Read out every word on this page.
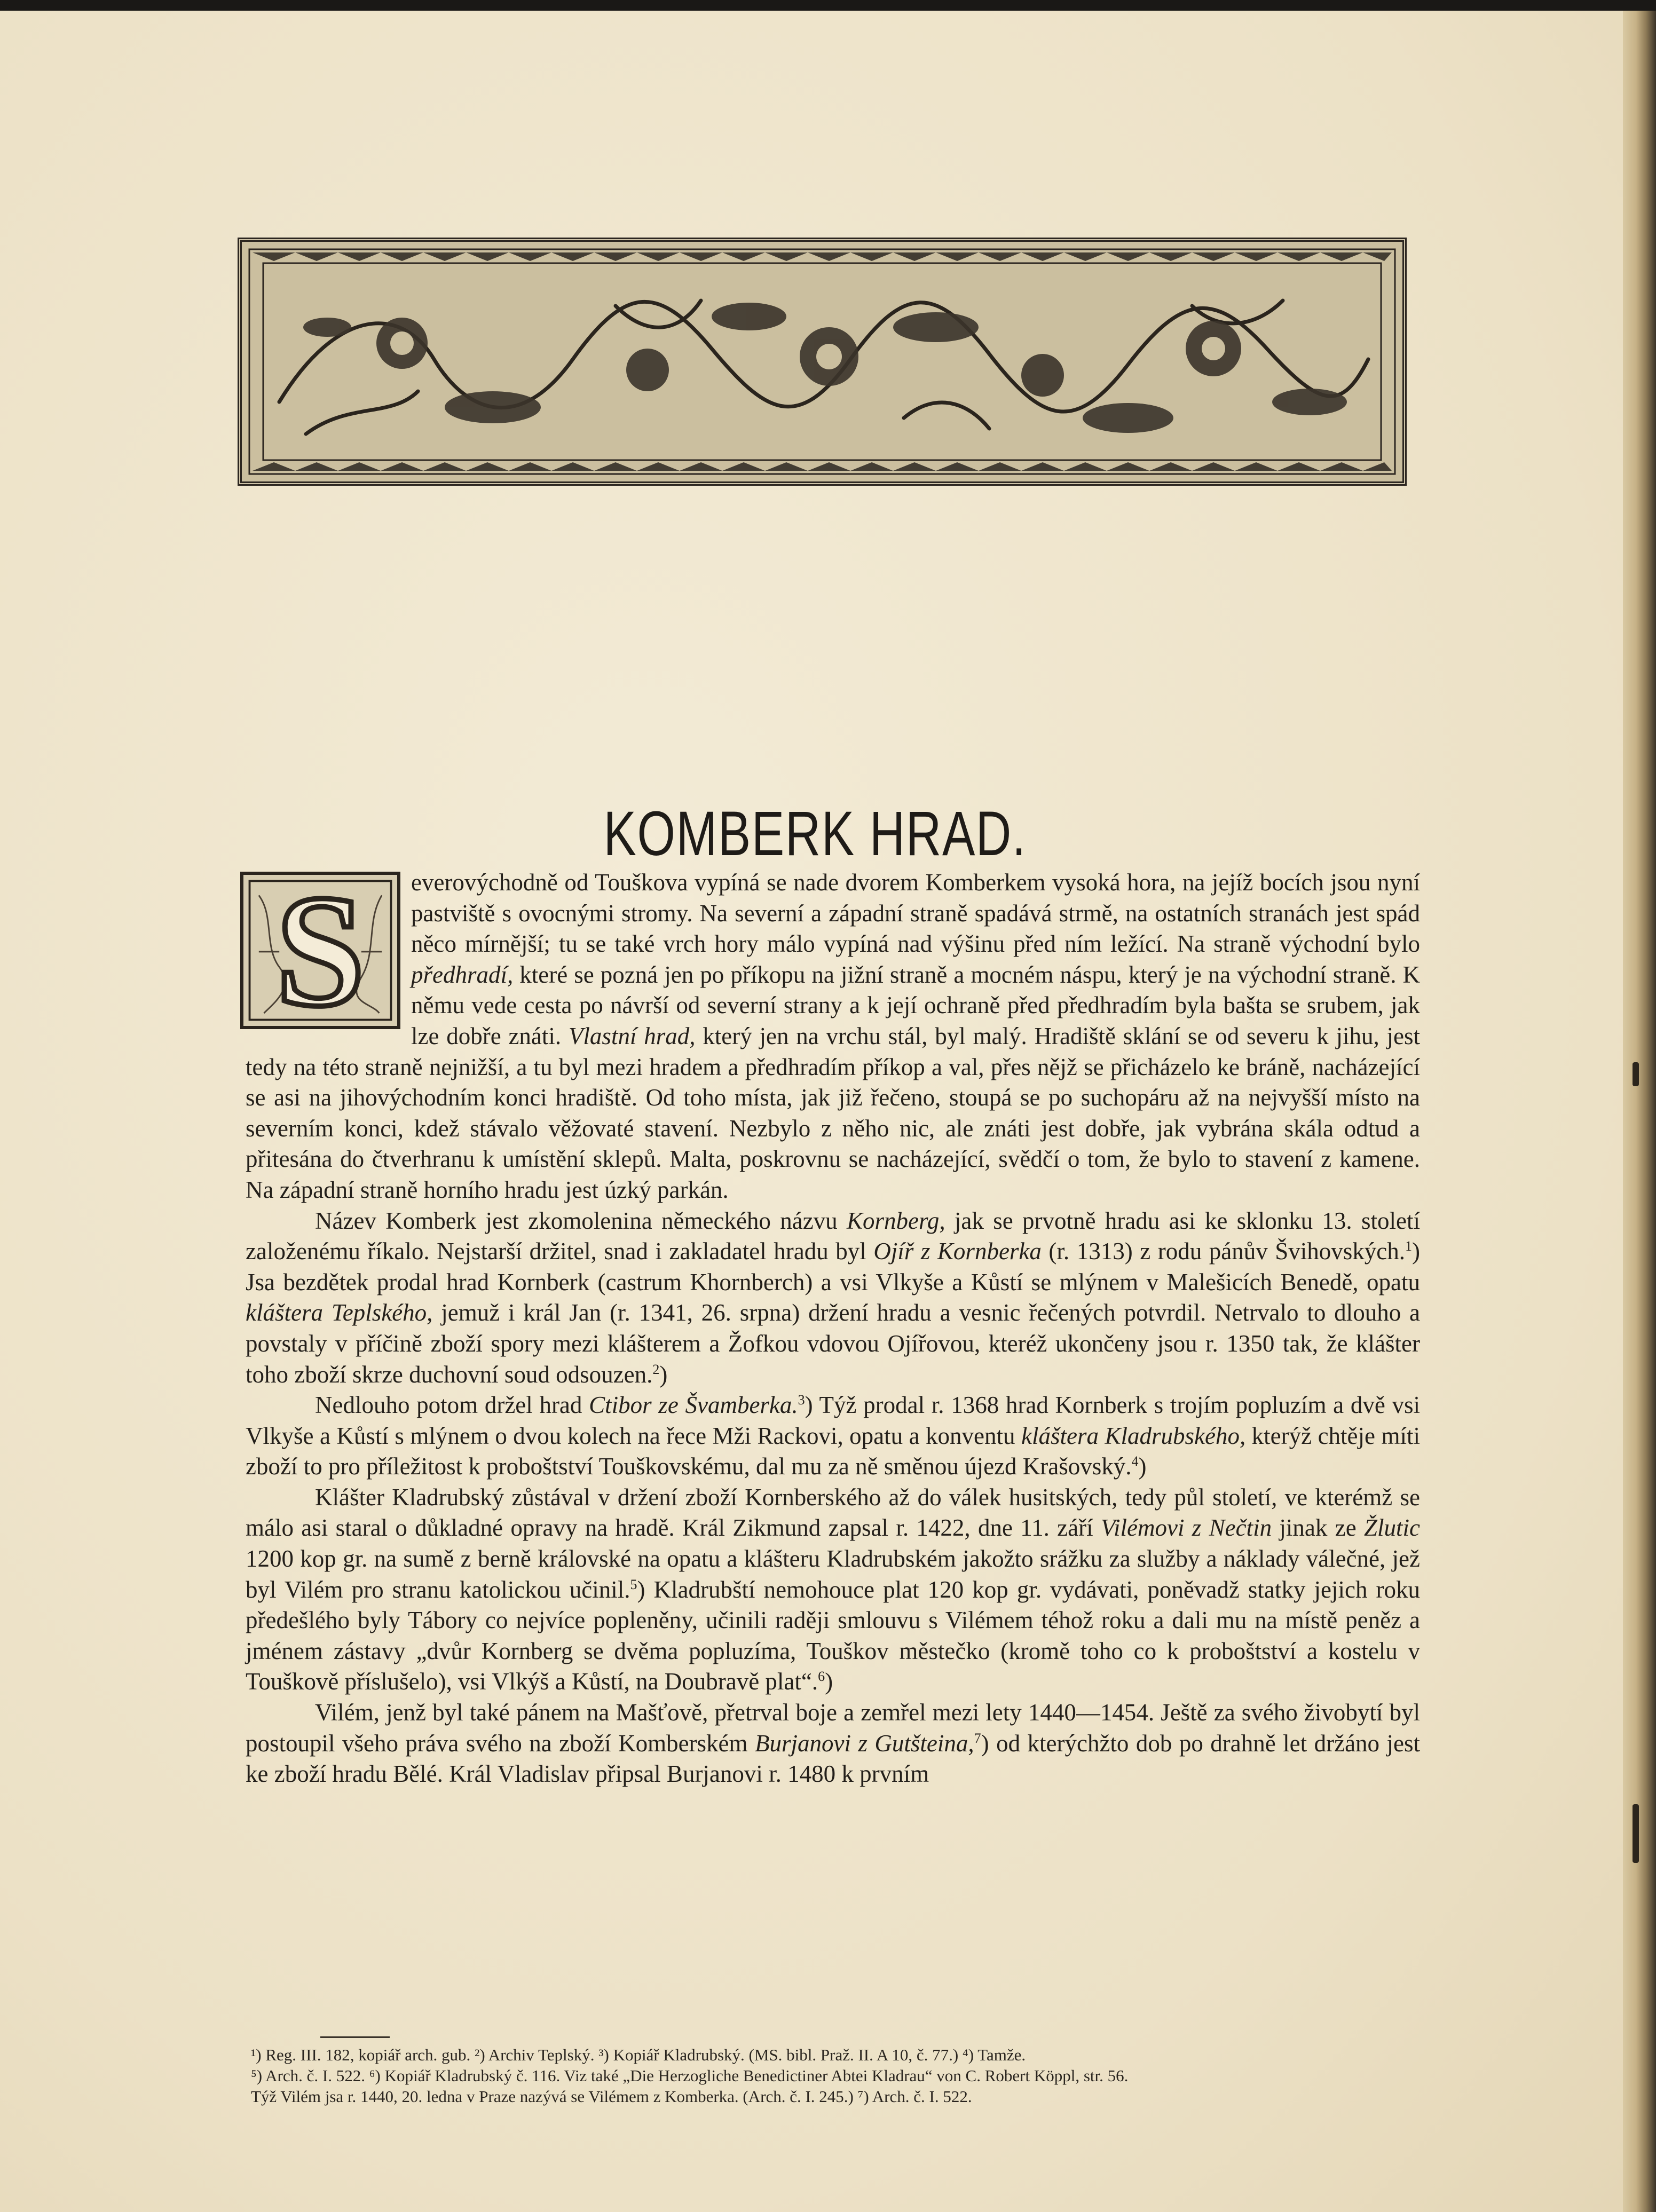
KOMBERK HRAD.
S	everovýchodně od Touškova vypíná se nade dvorem Komberkem vysoká hora, na jejíž bocích jsou nyní pastviště s ovocnými stromy. Na severní a západní straně spadává strmě, na ostatních stranách jest spád něco mírnější; tu se také vrch hory málo vypíná nad výšinu před ním ležící. Na straně východní bylo předhradí, které se pozná jen po příkopu na jižní straně a mocném náspu, který je na východní straně. K němu vede cesta po návrší od severní strany a k její ochraně před předhradím byla bašta se srubem, jak lze dobře znáti. Vlastní hrad, který jen na vrchu stál, byl malý. Hradiště sklání se od severu k jihu, jest tedy na této straně nejnižší, a tu byl mezi hradem a předhradím příkop a val, přes nějž se přicházelo ke bráně, nacházející se asi na jihovýchodním konci hradiště. Od toho místa, jak již řečeno, stoupá se po suchopáru až na nejvyšší místo na severním konci, kdež stávalo věžovaté stavení. Nezbylo z něho nic, ale znáti jest dobře, jak vybrána skála odtud a přitesána do čtverhranu k umístění sklepů. Malta, poskrovnu se nacházející, svědčí o tom, že bylo to stavení z kamene. Na západní straně horního hradu jest úzký parkán.

Název Komberk jest zkomolenina německého názvu Kornberg, jak se prvotně hradu asi ke sklonku 13. století založenému říkalo. Nejstarší držitel, snad i zakladatel hradu byl Ojíř z Kornberka (r. 1313) z rodu pánův Švihovských.$^1$) Jsa bezdětek prodal hrad Kornberk (castrum Khornberch) a vsi Vlkyše a Kůstí se mlýnem v Malešicích Benedě, opatu kláštera Teplského, jemuž i král Jan (r. 1341, 26. srpna) držení hradu a vesnic řečených potvrdil. Netrvalo to dlouho a povstaly v příčině zboží spory mezi klášterem a Žofkou vdovou Ojířovou, kteréž ukončeny jsou r. 1350 tak, že klášter toho zboží skrze duchovní soud odsouzen.$^2$)

Nedlouho potom držel hrad Ctibor ze Švamberka.$^3$) Týž prodal r. 1368 hrad Kornberk s trojím popluzím a dvě vsi Vlkyše a Kůstí s mlýnem o dvou kolech na řece Mži Rackovi, opatu a konventu kláštera Kladrubského, kterýž chtěje míti zboží to pro příležitost k proboštství Touškovskému, dal mu za ně směnou újezd Krašovský.$^4$)

Klášter Kladrubský zůstával v držení zboží Kornberského až do válek husitských, tedy půl století, ve kterémž se málo asi staral o důkladné opravy na hradě. Král Zikmund zapsal r. 1422, dne 11. září Vilémovi z Nečtin jinak ze Žlutic 1200 kop gr. na sumě z berně královské na opatu a klášteru Kladrubském jakožto srážku za služby a náklady válečné, jež byl Vilém pro stranu katolickou učinil.$^5$) Kladrubští nemohouce plat 120 kop gr. vydávati, poněvadž statky jejich roku předešlého byly Tábory co nejvíce popleněny, učinili raději smlouvu s Vilémem téhož roku a dali mu na místě peněz a jménem zástavy „dvůr Kornberg se dvěma popluzíma, Touškov městečko (kromě toho co k proboštství a kostelu v Touškově příslušelo), vsi Vlkýš a Kůstí, na Doubravě plat“.$^6$)

Vilém, jenž byl také pánem na Mašťově, přetrval boje a zemřel mezi lety 1440—1454. Ještě za svého živobytí byl postoupil všeho práva svého na zboží Komberském Burjanovi z Gutšteina,$^7$) od kterýchžto dob po drahně let držáno jest ke zboží hradu Bělé. Král Vladislav připsal Burjanovi r. 1480 k prvním

¹) Reg. III. 182, kopiář arch. gub. ²) Archiv Teplský. ³) Kopiář Kladrubský. (MS. bibl. Praž. II. A 10, č. 77.) ⁴) Tamže.
⁵) Arch. č. I. 522. ⁶) Kopiář Kladrubský č. 116. Viz také „Die Herzogliche Benedictiner Abtei Kladrau“ von C. Robert Köppl, str. 56.
Týž Vilém jsa r. 1440, 20. ledna v Praze nazývá se Vilémem z Komberka. (Arch. č. I. 245.) ⁷) Arch. č. I. 522.
